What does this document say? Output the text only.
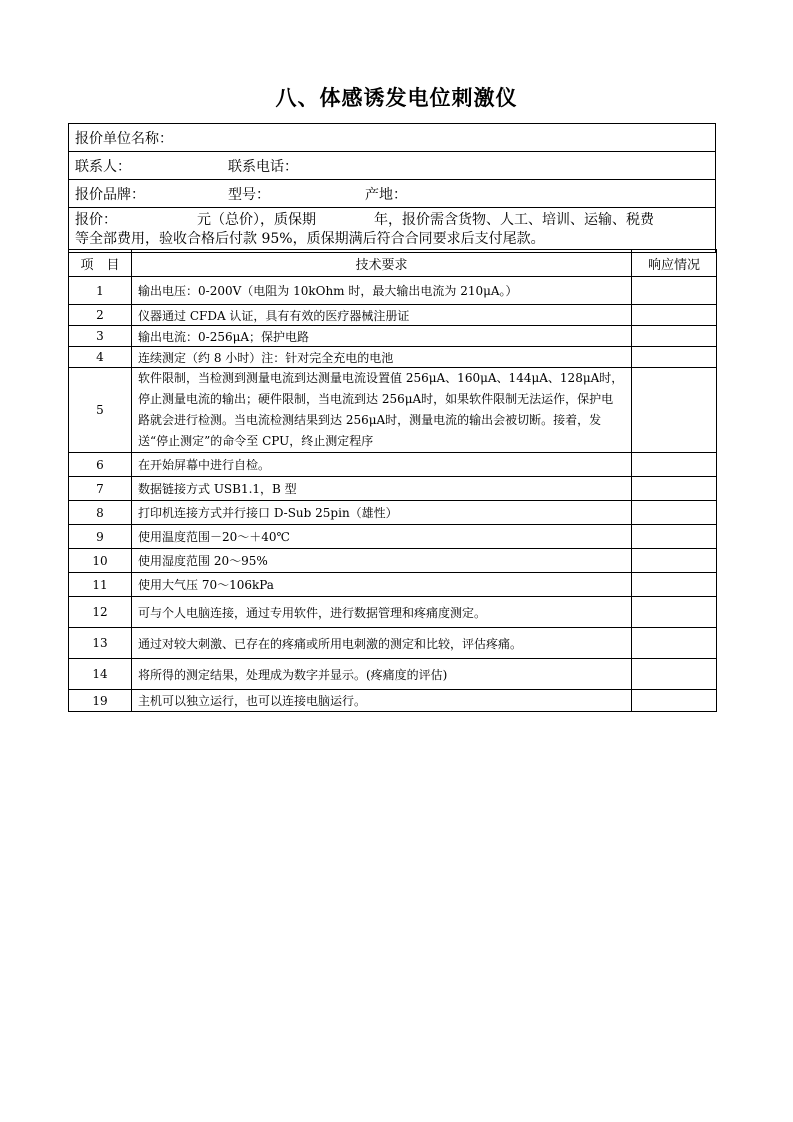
八、体感诱发电位刺激仪
报价单位名称：
联系人：	联系电话：
报价品牌：	型号：	产地：
报价：	元（总价），质保期	年，报价需含货物、人工、培训、运输、税费
等全部费用，验收合格后付款 95%，质保期满后符合合同要求后支付尾款。
项　目	技术要求	响应情况
1	输出电压：0-200V（电阻为 10kOhm 时，最大输出电流为 210μA。）	
2	仪器通过 CFDA 认证，具有有效的医疗器械注册证	
3	输出电流：0-256μA；保护电路	
4	连续测定（约 8 小时）注：针对完全充电的电池	
5	软件限制，当检测到测量电流到达测量电流设置值 256μA、160μA、144μA、128μA时，停止测量电流的输出；硬件限制，当电流到达 256μA时，如果软件限制无法运作，保护电路就会进行检测。当电流检测结果到达 256μA时，测量电流的输出会被切断。接着，发送“停止测定”的命令至 CPU，终止测定程序	
6	在开始屏幕中进行自检。	
7	数据链接方式 USB1.1，B 型	
8	打印机连接方式并行接口 D-Sub 25pin（雄性）	
9	使用温度范围－20～＋40℃	
10	使用湿度范围 20～95%	
11	使用大气压 70～106kPa	
12	可与个人电脑连接，通过专用软件，进行数据管理和疼痛度测定。	
13	通过对较大刺激、已存在的疼痛或所用电刺激的测定和比较，评估疼痛。	
14	将所得的测定结果，处理成为数字并显示。(疼痛度的评估)	
19	主机可以独立运行，也可以连接电脑运行。	
